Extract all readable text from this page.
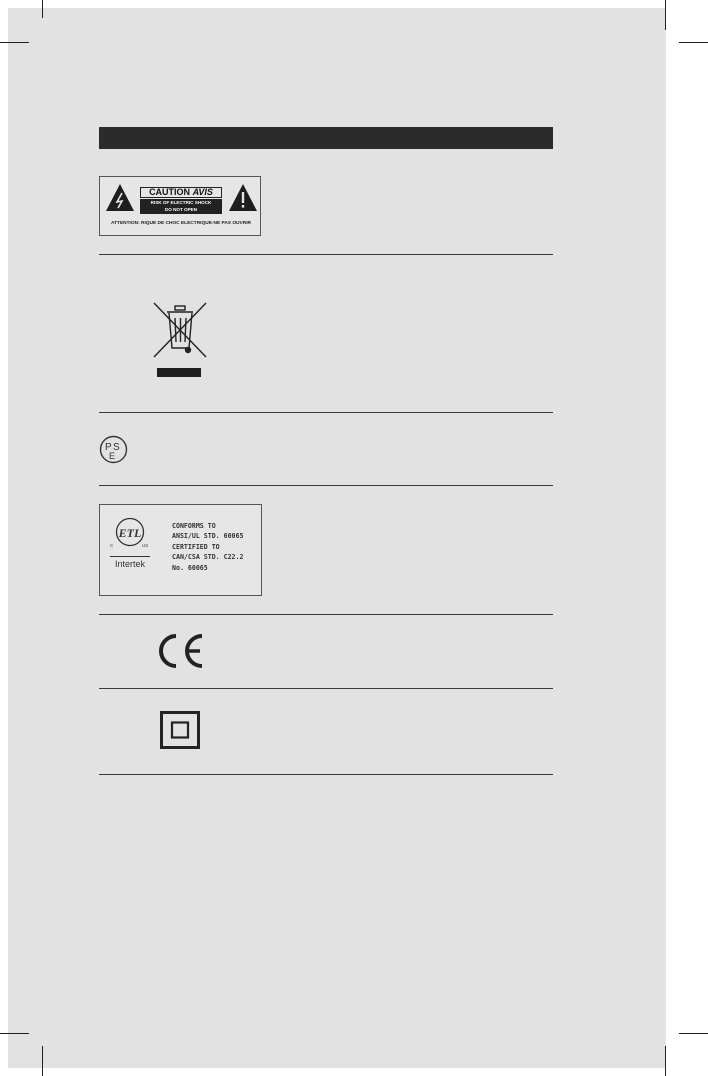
CAUTION AVIS
RISK OF ELECTRIC SHOCK
DO NOT OPEN
ATTENTION: RIQUE DE CHOC ELECTRIQUE-NE PAS OUVRIR
P S
E
ETL
C	US
Intertek
CONFORMS TO
ANSI/UL STD. 60065
CERTIFIED TO
CAN/CSA STD. C22.2
No. 60065
